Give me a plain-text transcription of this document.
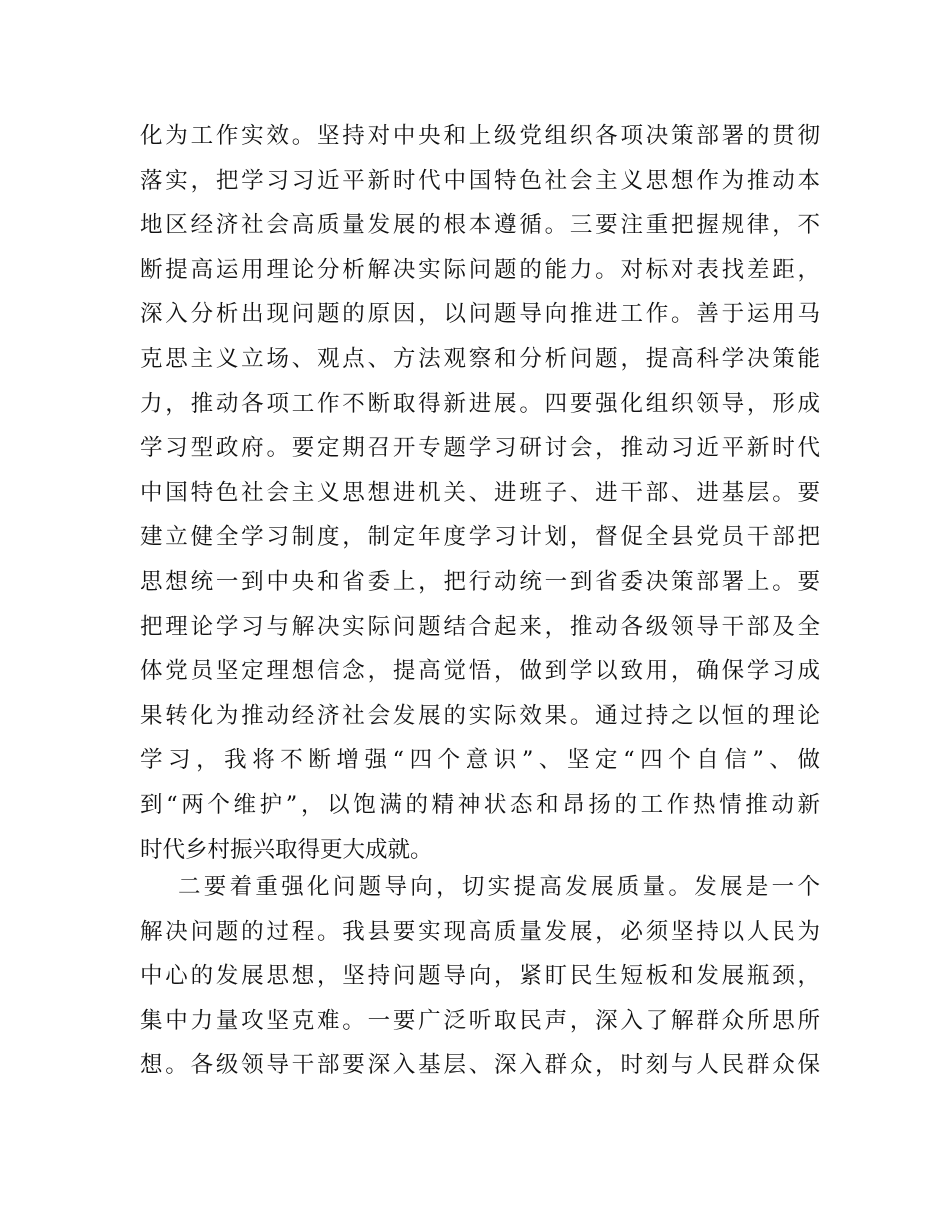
化为工作实效。坚持对中央和上级党组织各项决策部署的贯彻
落实，把学习习近平新时代中国特色社会主义思想作为推动本
地区经济社会高质量发展的根本遵循。三要注重把握规律，不
断提高运用理论分析解决实际问题的能力。对标对表找差距，
深入分析出现问题的原因，以问题导向推进工作。善于运用马
克思主义立场、观点、方法观察和分析问题，提高科学决策能
力，推动各项工作不断取得新进展。四要强化组织领导，形成
学习型政府。要定期召开专题学习研讨会，推动习近平新时代
中国特色社会主义思想进机关、进班子、进干部、进基层。要
建立健全学习制度，制定年度学习计划，督促全县党员干部把
思想统一到中央和省委上，把行动统一到省委决策部署上。要
把理论学习与解决实际问题结合起来，推动各级领导干部及全
体党员坚定理想信念，提高觉悟，做到学以致用，确保学习成
果转化为推动经济社会发展的实际效果。通过持之以恒的理论
学习，我将不断增强“四个意识”、坚定“四个自信”、做
到“两个维护”，以饱满的精神状态和昂扬的工作热情推动新
时代乡村振兴取得更大成就。
二要着重强化问题导向，切实提高发展质量。发展是一个
解决问题的过程。我县要实现高质量发展，必须坚持以人民为
中心的发展思想，坚持问题导向，紧盯民生短板和发展瓶颈，
集中力量攻坚克难。一要广泛听取民声，深入了解群众所思所
想。各级领导干部要深入基层、深入群众，时刻与人民群众保
